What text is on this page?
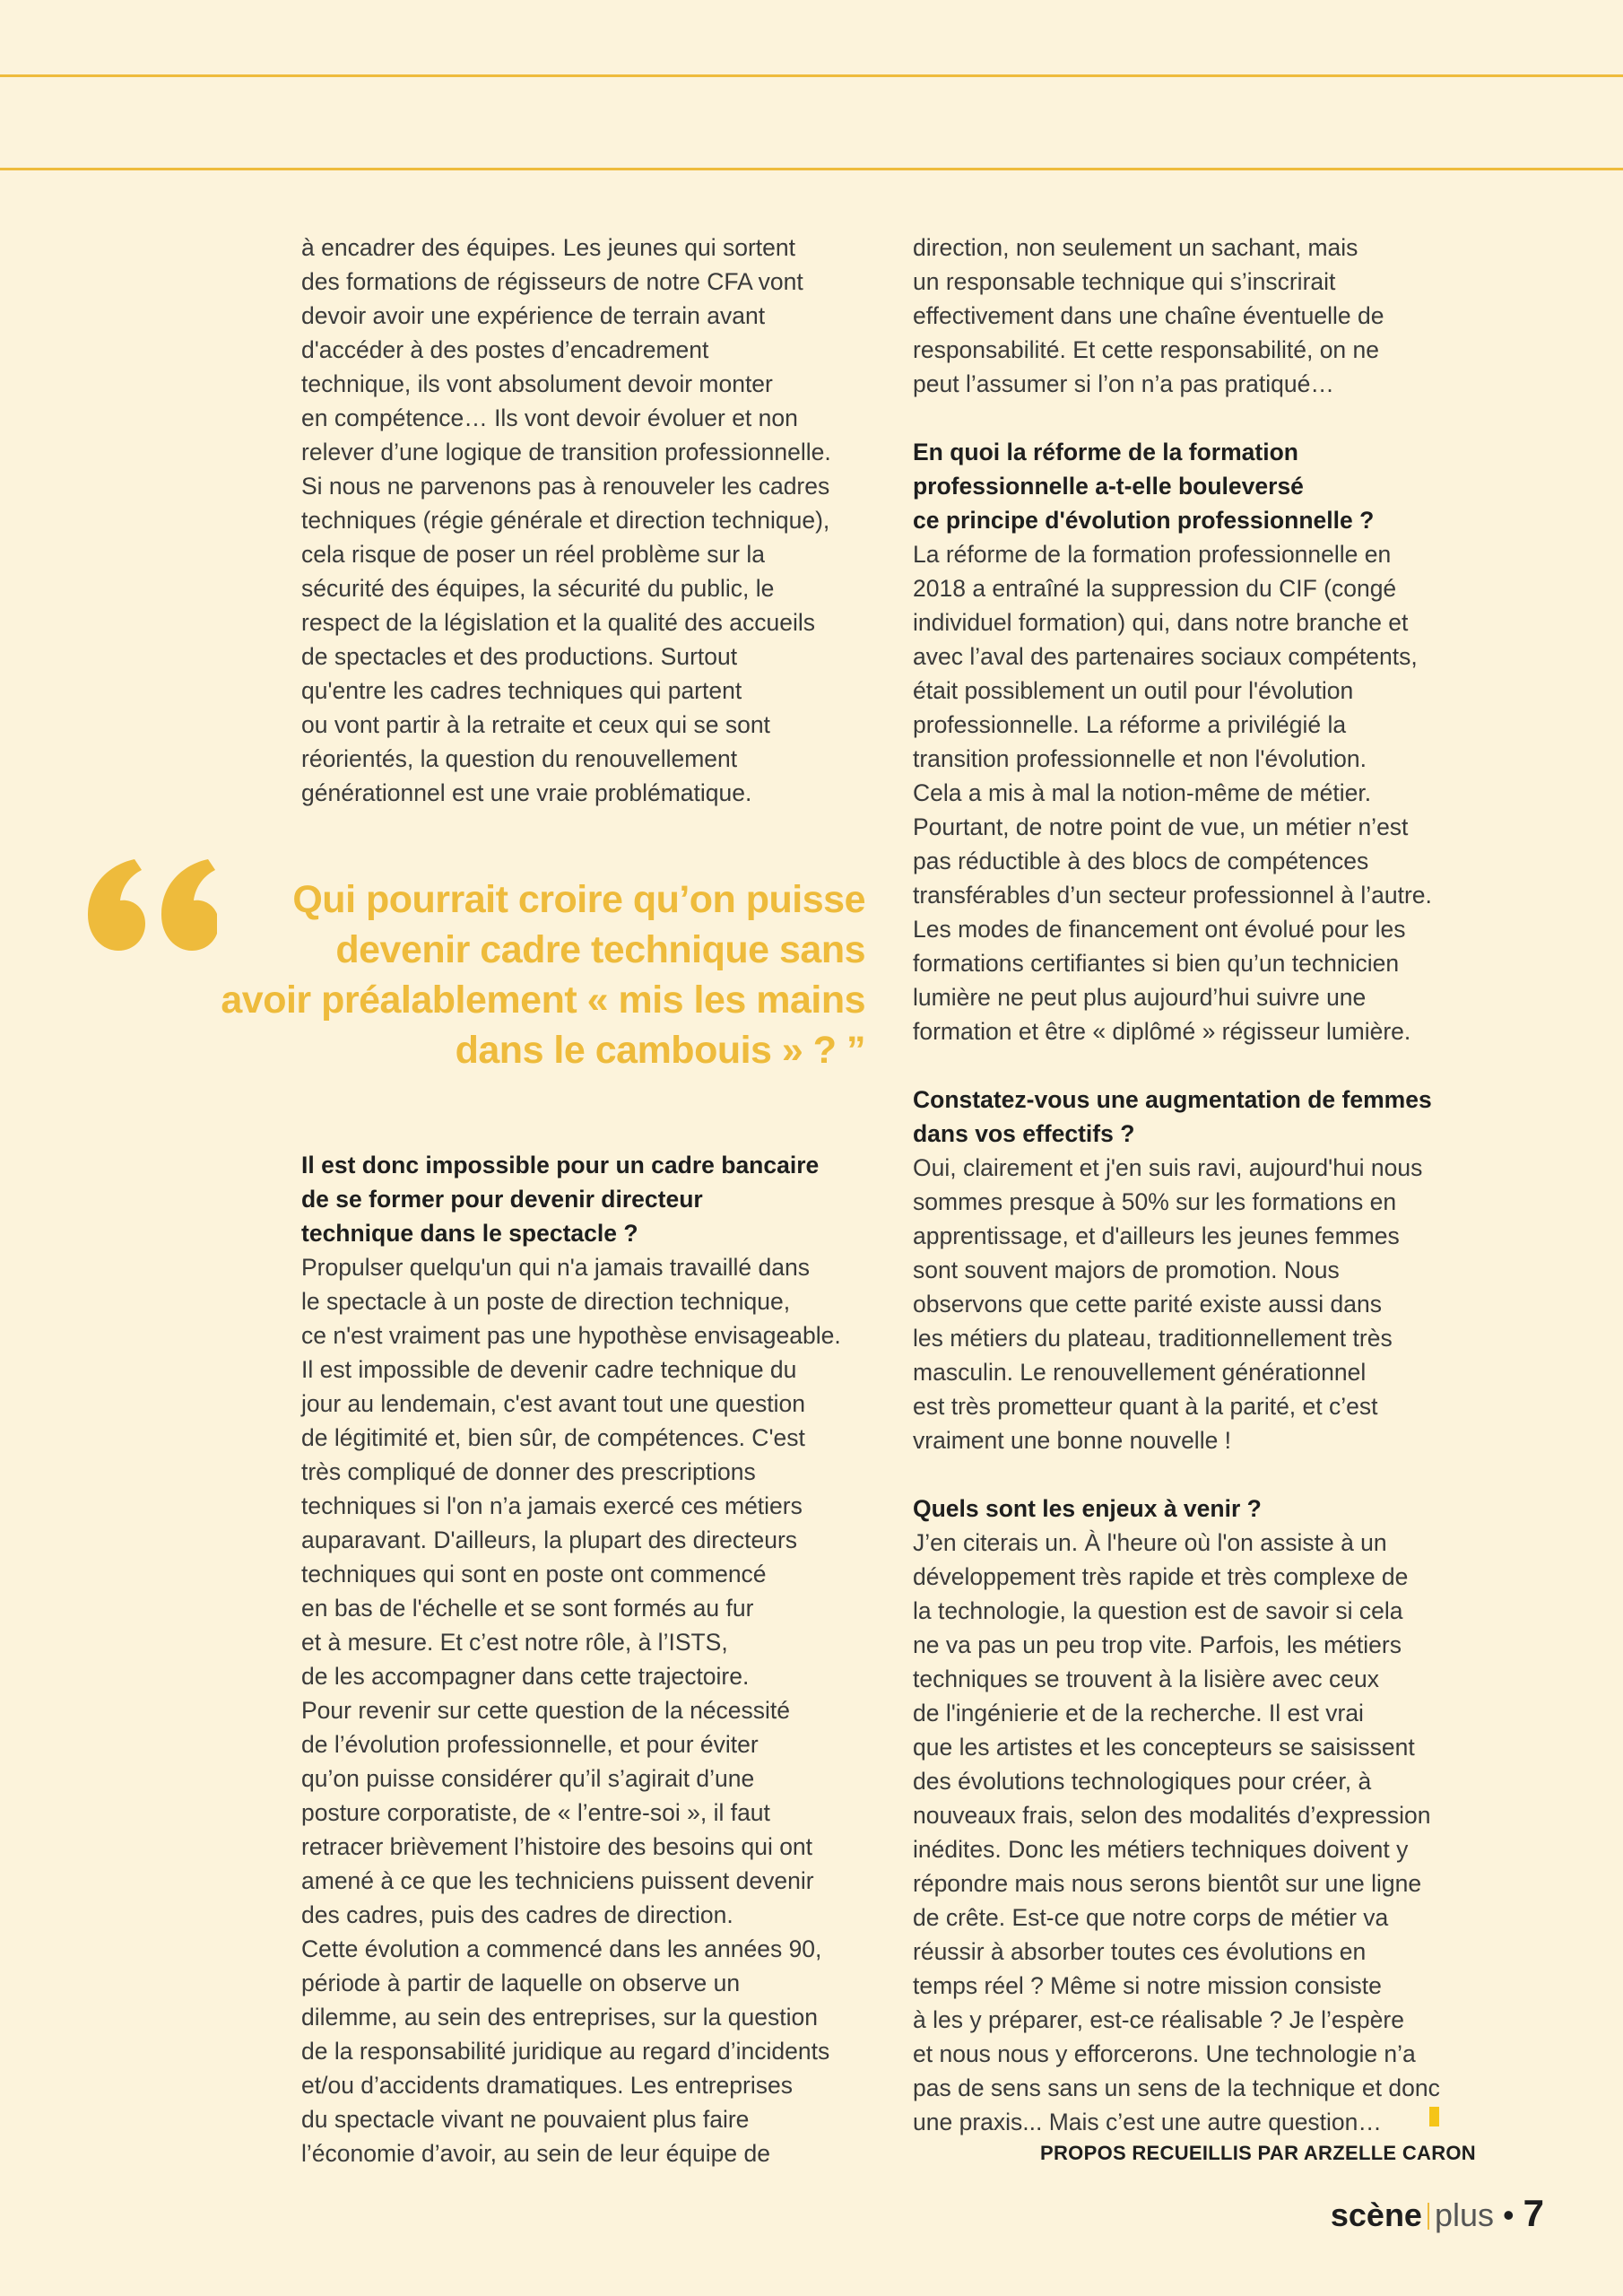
à encadrer des équipes. Les jeunes qui sortent

des formations de régisseurs de notre CFA vont

devoir avoir une expérience de terrain avant

d'accéder à des postes d’encadrement

technique, ils vont absolument devoir monter

en compétence… Ils vont devoir évoluer et non

relever d’une logique de transition professionnelle.

Si nous ne parvenons pas à renouveler les cadres

techniques (régie générale et direction technique),

cela risque de poser un réel problème sur la

sécurité des équipes, la sécurité du public, le

respect de la législation et la qualité des accueils

de spectacles et des productions. Surtout

qu'entre les cadres techniques qui partent

ou vont partir à la retraite et ceux qui se sont

réorientés, la question du renouvellement

générationnel est une vraie problématique.

Qui pourrait croire qu’on puisse

devenir cadre technique sans

avoir préalablement « mis les mains

dans le cambouis » ? ”

Il est donc impossible pour un cadre bancaire

de se former pour devenir directeur

technique dans le spectacle ?

Propulser quelqu'un qui n'a jamais travaillé dans

le spectacle à un poste de direction technique,

ce n'est vraiment pas une hypothèse envisageable.

Il est impossible de devenir cadre technique du

jour au lendemain, c'est avant tout une question

de légitimité et, bien sûr, de compétences. C'est

très compliqué de donner des prescriptions

techniques si l'on n’a jamais exercé ces métiers

auparavant. D'ailleurs, la plupart des directeurs

techniques qui sont en poste ont commencé

en bas de l'échelle et se sont formés au fur

et à mesure. Et c’est notre rôle, à l’ISTS,

de les accompagner dans cette trajectoire.

Pour revenir sur cette question de la nécessité

de l’évolution professionnelle, et pour éviter

qu’on puisse considérer qu’il s’agirait d’une

posture corporatiste, de « l’entre-soi », il faut

retracer brièvement l’histoire des besoins qui ont

amené à ce que les techniciens puissent devenir

des cadres, puis des cadres de direction.

Cette évolution a commencé dans les années 90,

période à partir de laquelle on observe un

dilemme, au sein des entreprises, sur la question

de la responsabilité juridique au regard d’incidents

et/ou d’accidents dramatiques. Les entreprises

du spectacle vivant ne pouvaient plus faire

l’économie d’avoir, au sein de leur équipe de

direction, non seulement un sachant, mais

un responsable technique qui s’inscrirait

effectivement dans une chaîne éventuelle de

responsabilité. Et cette responsabilité, on ne

peut l’assumer si l’on n’a pas pratiqué…

En quoi la réforme de la formation

professionnelle a-t-elle bouleversé

ce principe d'évolution professionnelle ?

La réforme de la formation professionnelle en

2018 a entraîné la suppression du CIF (congé

individuel formation) qui, dans notre branche et

avec l’aval des partenaires sociaux compétents,

était possiblement un outil pour l'évolution

professionnelle. La réforme a privilégié la

transition professionnelle et non l'évolution.

Cela a mis à mal la notion-même de métier.

Pourtant, de notre point de vue, un métier n’est

pas réductible à des blocs de compétences

transférables d’un secteur professionnel à l’autre.

Les modes de financement ont évolué pour les

formations certifiantes si bien qu’un technicien

lumière ne peut plus aujourd’hui suivre une

formation et être « diplômé » régisseur lumière.

Constatez-vous une augmentation de femmes

dans vos effectifs ?

Oui, clairement et j'en suis ravi, aujourd'hui nous

sommes presque à 50% sur les formations en

apprentissage, et d'ailleurs les jeunes femmes

sont souvent majors de promotion. Nous

observons que cette parité existe aussi dans

les métiers du plateau, traditionnellement très

masculin. Le renouvellement générationnel

est très prometteur quant à la parité, et c’est

vraiment une bonne nouvelle !

Quels sont les enjeux à venir ?

J’en citerais un. À l'heure où l'on assiste à un

développement très rapide et très complexe de

la technologie, la question est de savoir si cela

ne va pas un peu trop vite. Parfois, les métiers

techniques se trouvent à la lisière avec ceux

de l'ingénierie et de la recherche. Il est vrai

que les artistes et les concepteurs se saisissent

des évolutions technologiques pour créer, à

nouveaux frais, selon des modalités d’expression

inédites. Donc les métiers techniques doivent y

répondre mais nous serons bientôt sur une ligne

de crête. Est-ce que notre corps de métier va

réussir à absorber toutes ces évolutions en

temps réel ? Même si notre mission consiste

à les y préparer, est-ce réalisable ? Je l’espère

et nous nous y efforcerons. Une technologie n’a

pas de sens sans un sens de la technique et donc

une praxis... Mais c’est une autre question…

PROPOS RECUEILLIS PAR ARZELLE CARON
scène plus • 7
